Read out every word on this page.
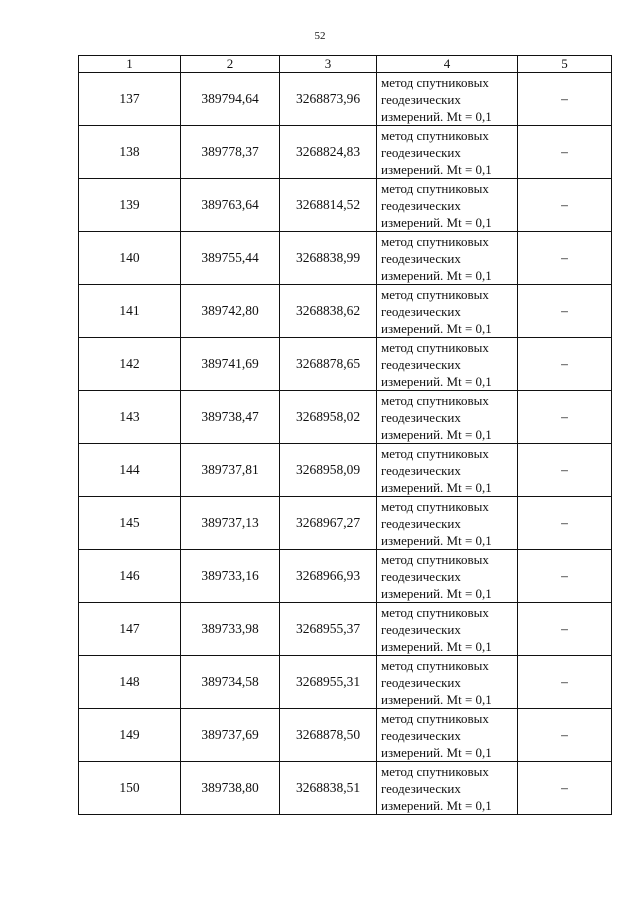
52
1	2	3	4	5
137	389794,64	3268873,96	метод спутниковых геодезических измерений. Mt = 0,1	–
138	389778,37	3268824,83	метод спутниковых геодезических измерений. Mt = 0,1	–
139	389763,64	3268814,52	метод спутниковых геодезических измерений. Mt = 0,1	–
140	389755,44	3268838,99	метод спутниковых геодезических измерений. Mt = 0,1	–
141	389742,80	3268838,62	метод спутниковых геодезических измерений. Mt = 0,1	–
142	389741,69	3268878,65	метод спутниковых геодезических измерений. Mt = 0,1	–
143	389738,47	3268958,02	метод спутниковых геодезических измерений. Mt = 0,1	–
144	389737,81	3268958,09	метод спутниковых геодезических измерений. Mt = 0,1	–
145	389737,13	3268967,27	метод спутниковых геодезических измерений. Mt = 0,1	–
146	389733,16	3268966,93	метод спутниковых геодезических измерений. Mt = 0,1	–
147	389733,98	3268955,37	метод спутниковых геодезических измерений. Mt = 0,1	–
148	389734,58	3268955,31	метод спутниковых геодезических измерений. Mt = 0,1	–
149	389737,69	3268878,50	метод спутниковых геодезических измерений. Mt = 0,1	–
150	389738,80	3268838,51	метод спутниковых геодезических измерений. Mt = 0,1	–
